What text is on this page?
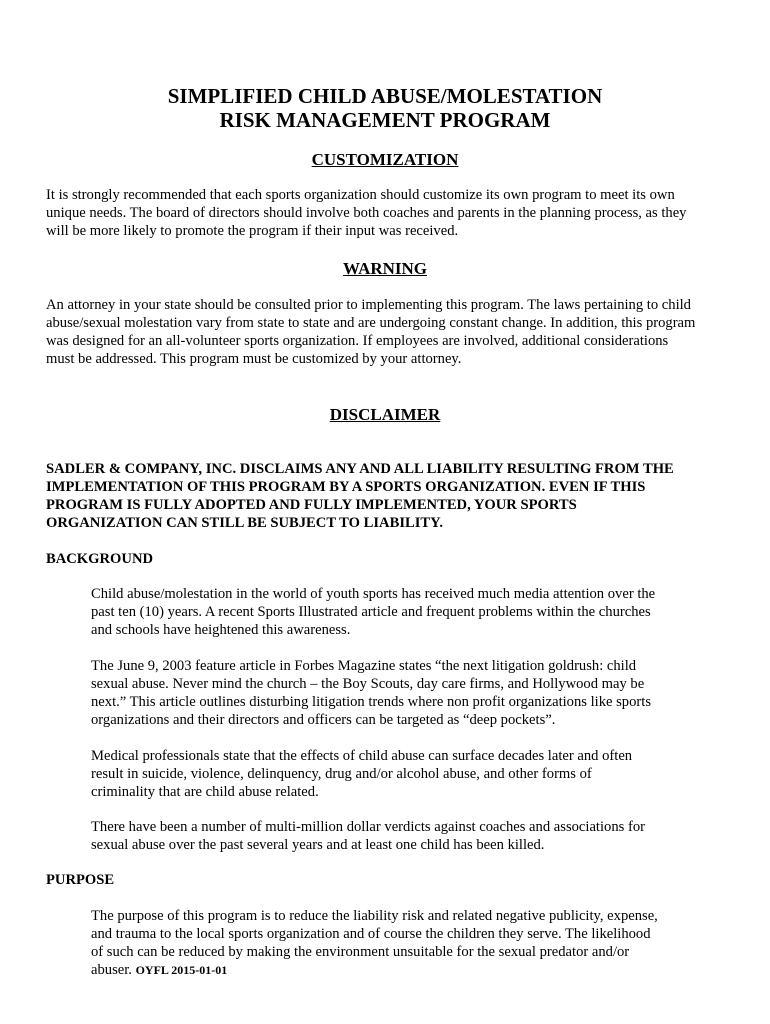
SIMPLIFIED CHILD ABUSE/MOLESTATION
RISK MANAGEMENT PROGRAM
CUSTOMIZATION
It is strongly recommended that each sports organization should customize its own program to meet its own
unique needs. The board of directors should involve both coaches and parents in the planning process, as they
will be more likely to promote the program if their input was received.
WARNING
An attorney in your state should be consulted prior to implementing this program. The laws pertaining to child
abuse/sexual molestation vary from state to state and are undergoing constant change. In addition, this program
was designed for an all-volunteer sports organization. If employees are involved, additional considerations
must be addressed. This program must be customized by your attorney.
DISCLAIMER
SADLER & COMPANY, INC. DISCLAIMS ANY AND ALL LIABILITY RESULTING FROM THE
IMPLEMENTATION OF THIS PROGRAM BY A SPORTS ORGANIZATION. EVEN IF THIS
PROGRAM IS FULLY ADOPTED AND FULLY IMPLEMENTED, YOUR SPORTS
ORGANIZATION CAN STILL BE SUBJECT TO LIABILITY.
BACKGROUND
Child abuse/molestation in the world of youth sports has received much media attention over the
past ten (10) years. A recent Sports Illustrated article and frequent problems within the churches
and schools have heightened this awareness.
The June 9, 2003 feature article in Forbes Magazine states “the next litigation goldrush: child
sexual abuse. Never mind the church – the Boy Scouts, day care firms, and Hollywood may be
next.” This article outlines disturbing litigation trends where non profit organizations like sports
organizations and their directors and officers can be targeted as “deep pockets”.
Medical professionals state that the effects of child abuse can surface decades later and often
result in suicide, violence, delinquency, drug and/or alcohol abuse, and other forms of
criminality that are child abuse related.
There have been a number of multi-million dollar verdicts against coaches and associations for
sexual abuse over the past several years and at least one child has been killed.
PURPOSE
The purpose of this program is to reduce the liability risk and related negative publicity, expense,
and trauma to the local sports organization and of course the children they serve. The likelihood
of such can be reduced by making the environment unsuitable for the sexual predator and/or
abuser. OYFL 2015-01-01
